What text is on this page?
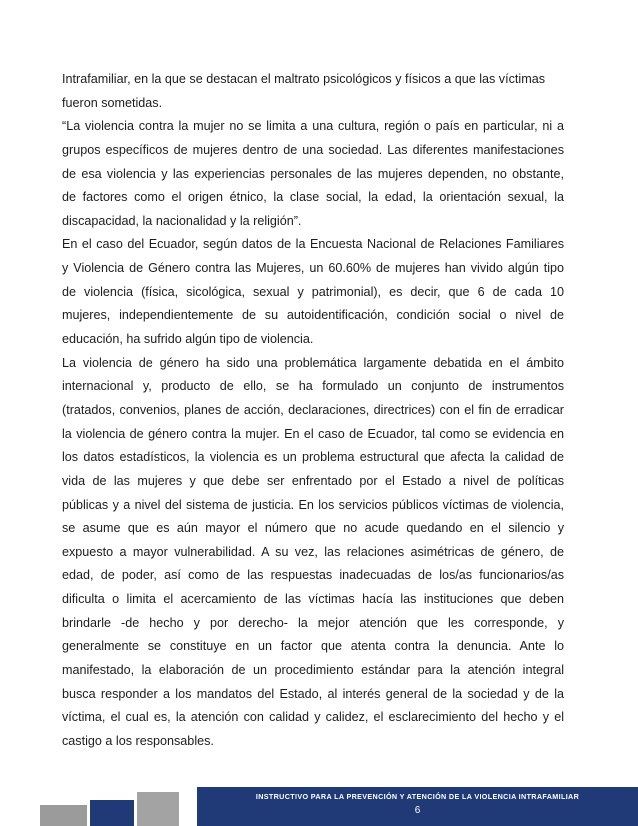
Intrafamiliar, en la que se destacan el maltrato psicológicos y físicos a que las víctimas
fueron sometidas.
“La violencia contra la mujer no se limita a una cultura, región o país en particular, ni a
grupos específicos de mujeres dentro de una sociedad. Las diferentes manifestaciones
de esa violencia y las experiencias personales de las mujeres dependen, no obstante,
de factores como el origen étnico, la clase social, la edad, la orientación sexual, la
discapacidad, la nacionalidad y la religión”.
En el caso del Ecuador, según datos de la Encuesta Nacional de Relaciones Familiares
y Violencia de Género contra las Mujeres, un 60.60% de mujeres han vivido algún tipo
de violencia (física, sicológica, sexual y patrimonial), es decir, que 6 de cada 10
mujeres, independientemente de su autoidentificación, condición social o nivel de
educación, ha sufrido algún tipo de violencia.
La violencia de género ha sido una problemática largamente debatida en el ámbito
internacional y, producto de ello, se ha formulado un conjunto de instrumentos
(tratados, convenios, planes de acción, declaraciones, directrices) con el fin de erradicar
la violencia de género contra la mujer. En el caso de Ecuador, tal como se evidencia en
los datos estadísticos, la violencia es un problema estructural que afecta la calidad de
vida de las mujeres y que debe ser enfrentado por el Estado a nivel de políticas
públicas y a nivel del sistema de justicia. En los servicios públicos víctimas de violencia,
se asume que es aún mayor el número que no acude quedando en el silencio y
expuesto a mayor vulnerabilidad. A su vez, las relaciones asimétricas de género, de
edad, de poder, así como de las respuestas inadecuadas de los/as funcionarios/as
dificulta o limita el acercamiento de las víctimas hacía las instituciones que deben
brindarle -de hecho y por derecho- la mejor atención que les corresponde, y
generalmente se constituye en un factor que atenta contra la denuncia. Ante lo
manifestado, la elaboración de un procedimiento estándar para la atención integral
busca responder a los mandatos del Estado, al interés general de la sociedad y de la
víctima, el cual es, la atención con calidad y calidez, el esclarecimiento del hecho y el
castigo a los responsables.
INSTRUCTIVO PARA LA PREVENCIÓN Y ATENCIÓN DE LA VIOLENCIA INTRAFAMILIAR
6
